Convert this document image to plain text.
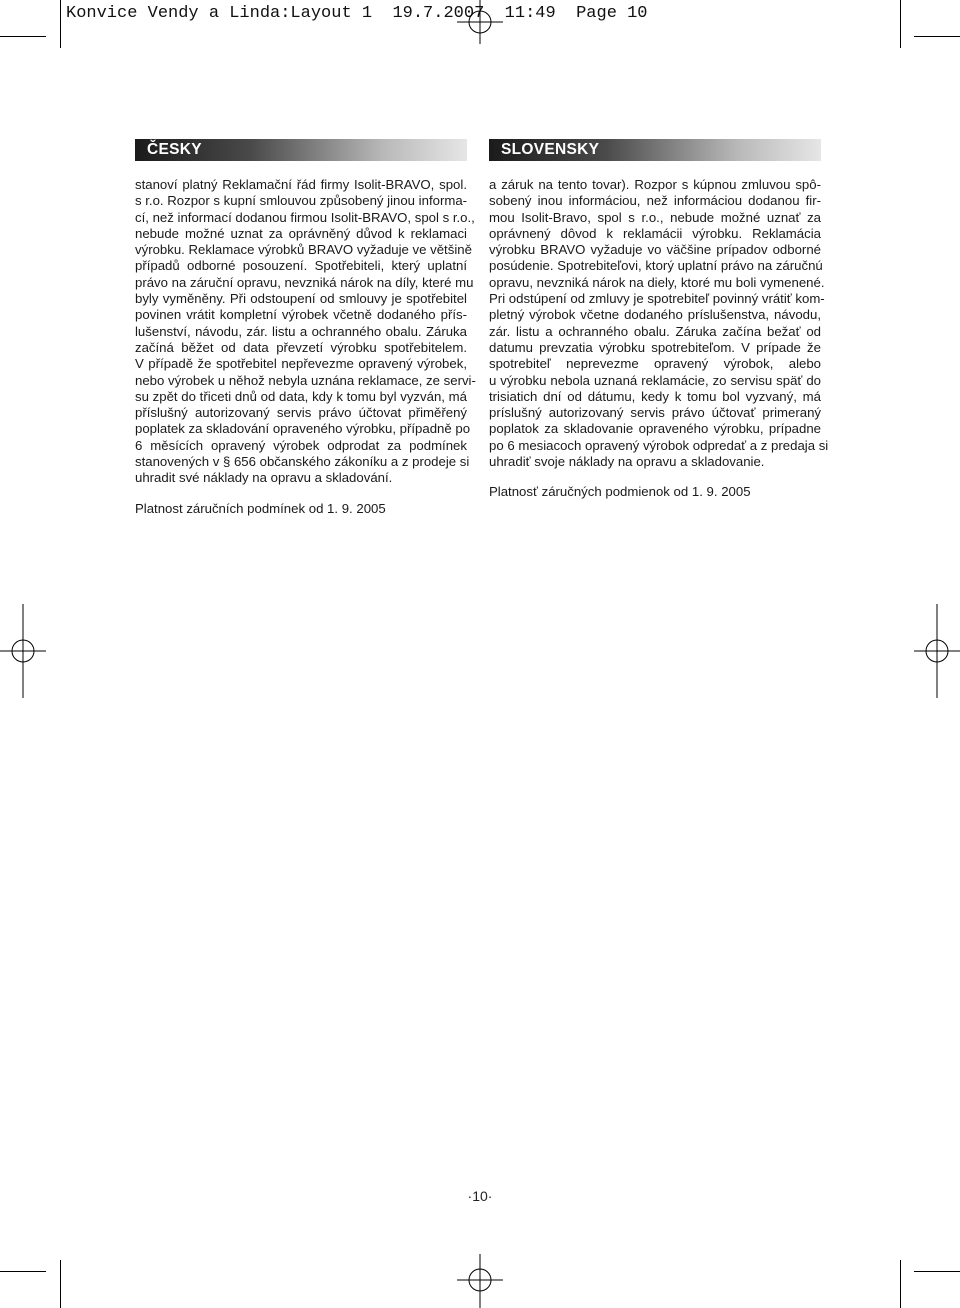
Konvice Vendy a Linda:Layout 1  19.7.2007  11:49  Page 10
ČESKY
stanoví platný Reklamační řád firmy Isolit-BRAVO, spol.
s r.o. Rozpor s kupní smlouvou způsobený jinou informa-
cí, než informací dodanou firmou Isolit-BRAVO, spol s r.o.,
nebude možné uznat za oprávněný důvod k reklamaci
výrobku. Reklamace výrobků BRAVO vyžaduje ve většině
případů odborné posouzení. Spotřebiteli, který uplatní
právo na záruční opravu, nevzniká nárok na díly, které mu
byly vyměněny. Při odstoupení od smlouvy je spotřebitel
povinen vrátit kompletní výrobek včetně dodaného přís-
lušenství, návodu, zár. listu a ochranného obalu. Záruka
začíná běžet od data převzetí výrobku spotřebitelem.
V případě že spotřebitel nepřevezme opravený výrobek,
nebo výrobek u něhož nebyla uznána reklamace, ze servi-
su zpět do třiceti dnů od data, kdy k tomu byl vyzván, má
příslušný autorizovaný servis právo účtovat přiměřený
poplatek za skladování opraveného výrobku, případně po
6 měsících opravený výrobek odprodat za podmínek
stanovených v § 656 občanského zákoníku a z prodeje si
uhradit své náklady na opravu a skladování.
Platnost záručních podmínek od 1. 9. 2005
SLOVENSKY
a záruk na tento tovar). Rozpor s kúpnou zmluvou spô-
sobený inou informáciou, než informáciou dodanou fir-
mou Isolit-Bravo, spol s r.o., nebude možné uznať za
oprávnený dôvod k reklamácii výrobku. Reklamácia
výrobku BRAVO vyžaduje vo väčšine prípadov odborné
posúdenie. Spotrebiteľovi, ktorý uplatní právo na záručnú
opravu, nevzniká nárok na diely, ktoré mu boli vymenené.
Pri odstúpení od zmluvy je spotrebiteľ povinný vrátiť kom-
pletný výrobok včetne dodaného príslušenstva, návodu,
zár. listu a ochranného obalu. Záruka začína bežať od
datumu prevzatia výrobku spotrebiteľom. V prípade že
spotrebiteľ neprevezme opravený výrobok, alebo
u výrobku nebola uznaná reklamácie, zo servisu späť do
trisiatich dní od dátumu, kedy k tomu bol vyzvaný, má
príslušný autorizovaný servis právo účtovať primeraný
poplatok za skladovanie opraveného výrobku, prípadne
po 6 mesiacoch opravený výrobok odpredať a z predaja si
uhradiť svoje náklady na opravu a skladovanie.
Platnosť záručných podmienok od 1. 9. 2005
·10·
